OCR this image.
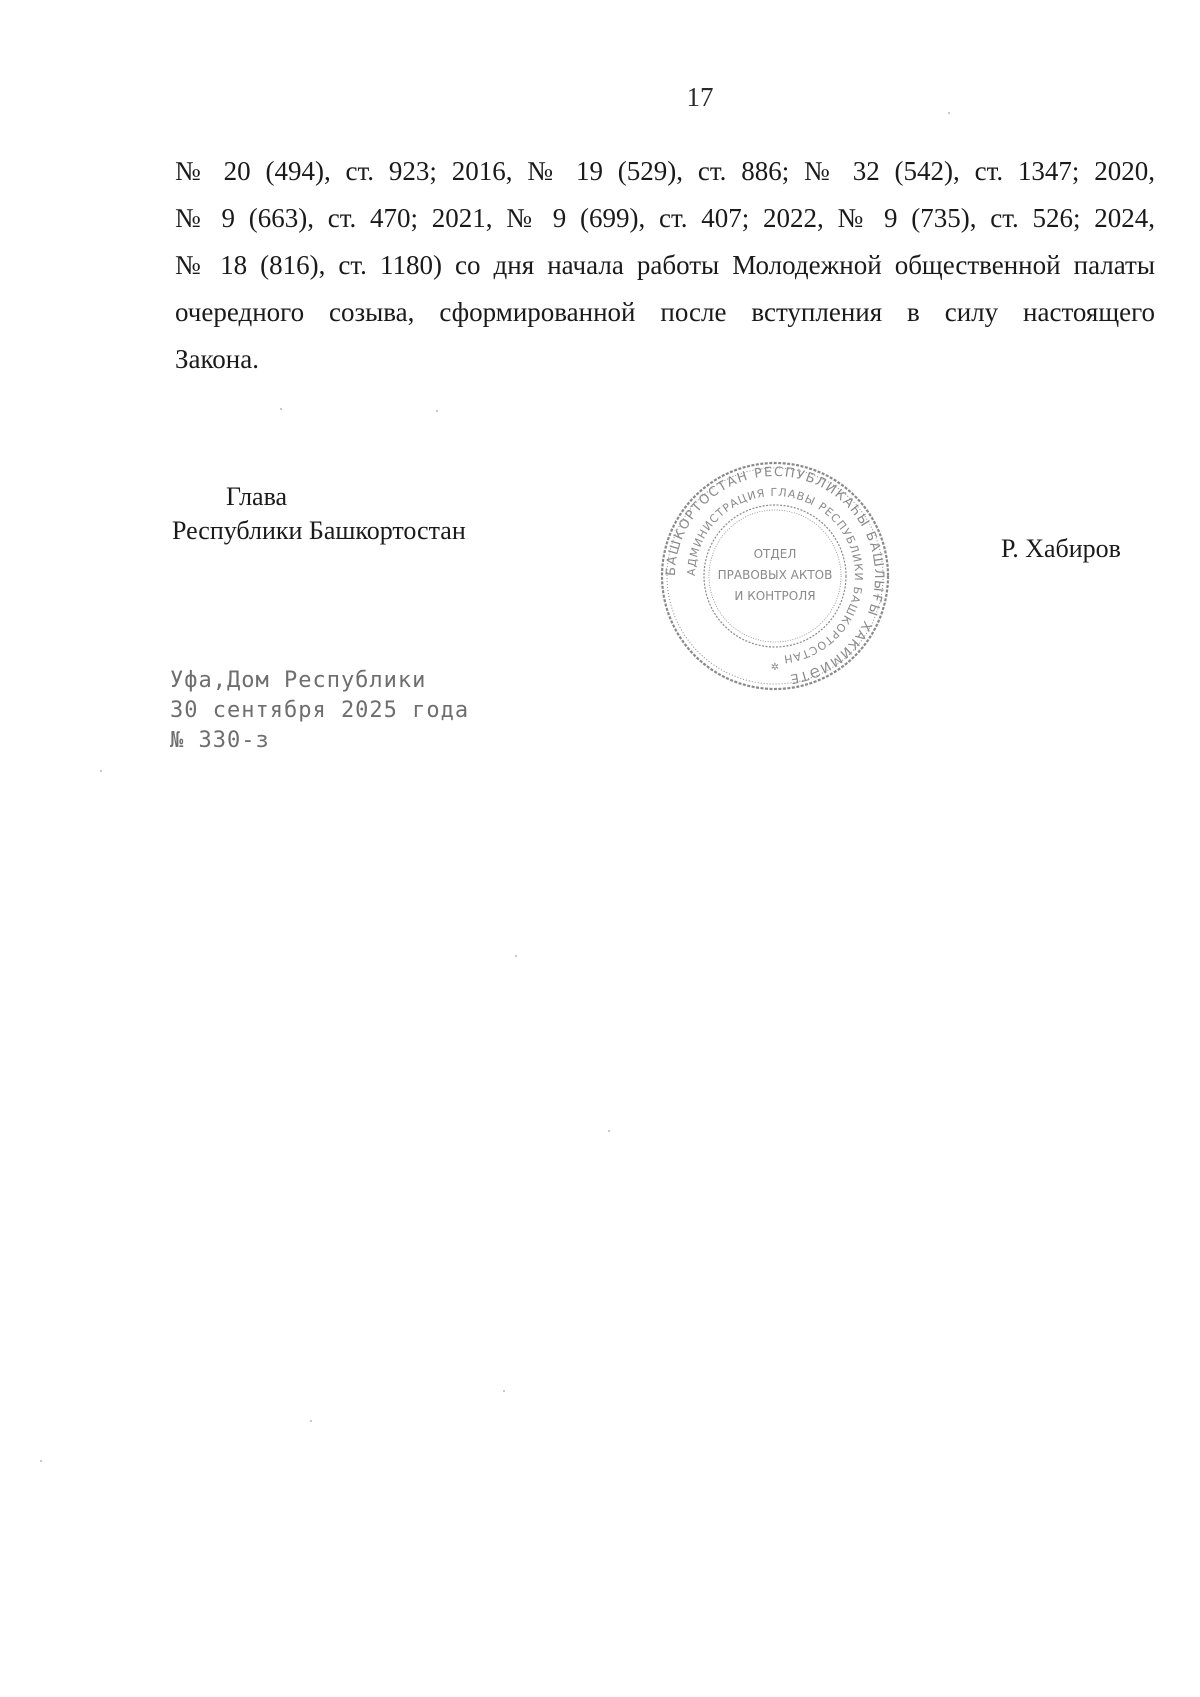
17
№ 20 (494), ст. 923; 2016, № 19 (529), ст. 886; № 32 (542), ст. 1347; 2020,
№ 9 (663), ст. 470; 2021, № 9 (699), ст. 407; 2022, № 9 (735), ст. 526; 2024,
№ 18 (816), ст. 1180) со дня начала работы Молодежной общественной палаты
очередного созыва, сформированной после вступления в силу настоящего
Закона.
Глава
Республики Башкортостан
Р. Хабиров
БАШКОРТОСТАН РЕСПУБЛИКАҺЫ БАШЛЫҒЫ ХАКИМИӘТЕ
АДМИНИСТРАЦИЯ ГЛАВЫ РЕСПУБЛИКИ БАШКОРТОСТАН
ОТДЕЛ
ПРАВОВЫХ АКТОВ
И КОНТРОЛЯ
✲
Уфа,Дом Республики
30 сентября 2025 года
№ 330-з
